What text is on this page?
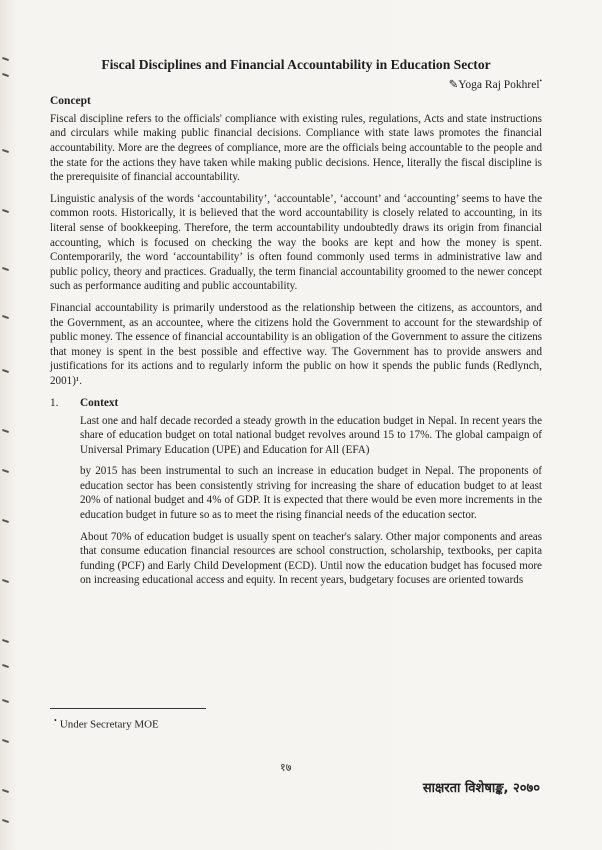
Fiscal Disciplines and Financial Accountability in Education Sector
✎Yoga Raj Pokhrel•
Concept

Fiscal discipline refers to the officials' compliance with existing rules, regulations, Acts and state instructions and circulars while making public financial decisions. Compliance with state laws promotes the financial accountability. More are the degrees of compliance, more are the officials being accountable to the people and the state for the actions they have taken while making public decisions. Hence, literally the fiscal discipline is the prerequisite of financial accountability.

Linguistic analysis of the words ‘accountability’, ‘accountable’, ‘account’ and ‘accounting’ seems to have the common roots. Historically, it is believed that the word accountability is closely related to accounting, in its literal sense of bookkeeping. Therefore, the term accountability undoubtedly draws its origin from financial accounting, which is focused on checking the way the books are kept and how the money is spent. Contemporarily, the word ‘accountability’ is often found commonly used terms in administrative law and public policy, theory and practices. Gradually, the term financial accountability groomed to the newer concept such as performance auditing and public accountability.

Financial accountability is primarily understood as the relationship between the citizens, as accountors, and the Government, as an accountee, where the citizens hold the Government to account for the stewardship of public money. The essence of financial accountability is an obligation of the Government to assure the citizens that money is spent in the best possible and effective way. The Government has to provide answers and justifications for its actions and to regularly inform the public on how it spends the public funds (Redlynch, 2001)¹.

1.	Context

Last one and half decade recorded a steady growth in the education budget in Nepal. In recent years the share of education budget on total national budget revolves around 15 to 17%. The global campaign of Universal Primary Education (UPE) and Education for All (EFA)

by 2015 has been instrumental to such an increase in education budget in Nepal. The proponents of education sector has been consistently striving for increasing the share of education budget to at least 20% of national budget and 4% of GDP. It is expected that there would be even more increments in the education budget in future so as to meet the rising financial needs of the education sector.

About 70% of education budget is usually spent on teacher's salary. Other major components and areas that consume education financial resources are school construction, scholarship, textbooks, per capita funding (PCF) and Early Child Development (ECD). Until now the education budget has focused more on increasing educational access and equity. In recent years, budgetary focuses are oriented towards

• Under Secretary MOE
१७
साक्षरता विशेषाङ्क, २०७०
